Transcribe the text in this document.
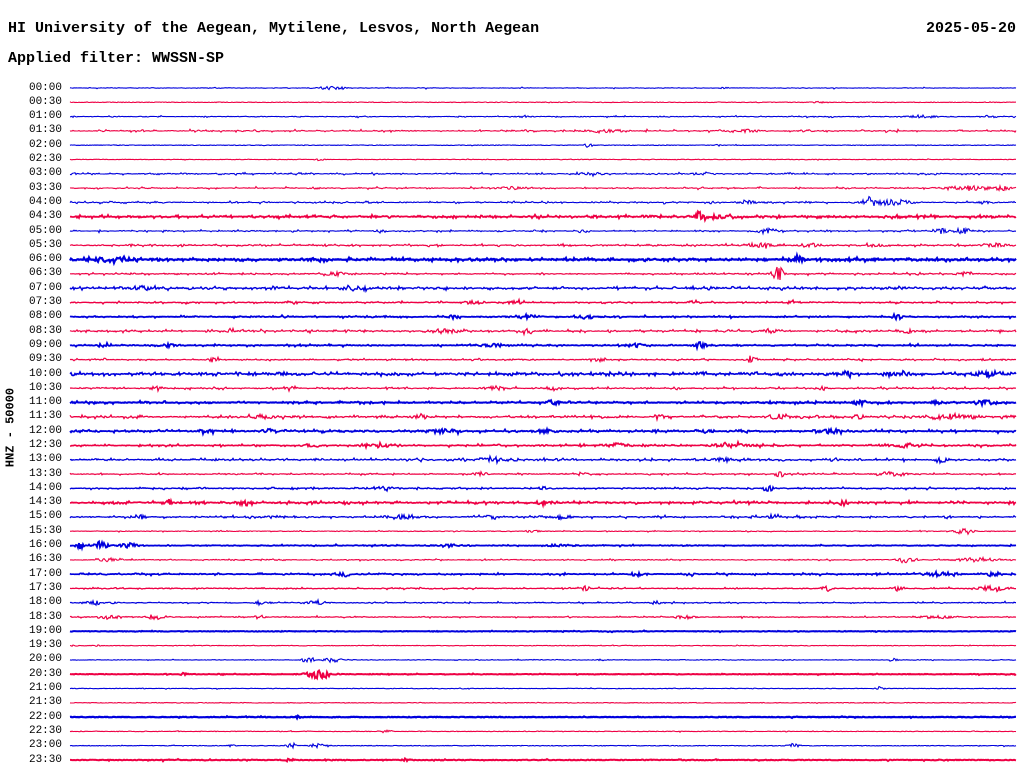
HI University of the Aegean, Mytilene, Lesvos, North Aegean	2025-05-20
Applied filter: WWSSN-SP
HNZ - 50000
00:00
00:30
01:00
01:30
02:00
02:30
03:00
03:30
04:00
04:30
05:00
05:30
06:00
06:30
07:00
07:30
08:00
08:30
09:00
09:30
10:00
10:30
11:00
11:30
12:00
12:30
13:00
13:30
14:00
14:30
15:00
15:30
16:00
16:30
17:00
17:30
18:00
18:30
19:00
19:30
20:00
20:30
21:00
21:30
22:00
22:30
23:00
23:30
